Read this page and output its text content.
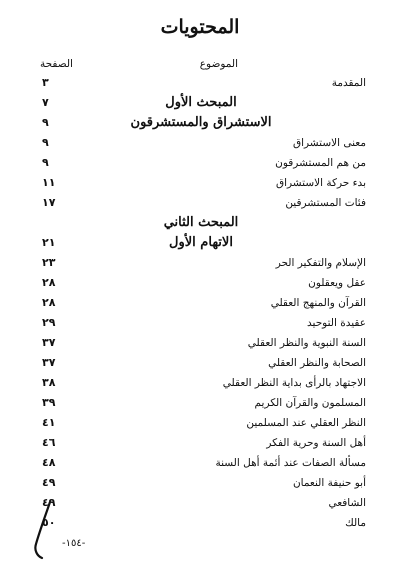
المحتويات
الموضوع
الصفحة
المقدمة
٣
المبحث الأول
٧
الاستشراق والمستشرقون
٩
معنى الاستشراق
٩
من هم المستشرقون
٩
بدء حركة الاستشراق
١١
فئات المستشرقين
١٧
المبحث الثاني
الاتهام الأول
٢١
الإسلام والتفكير الحر
٢٣
عقل ويعقلون
٢٨
القرآن والمنهج العقلي
٢٨
عقيدة التوحيد
٢٩
السنة النبوية والنظر العقلي
٣٧
الصحابة والنظر العقلي
٣٧
الاجتهاد بالرأى بداية النظر العقلي
٣٨
المسلمون والقرآن الكريم
٣٩
النظر العقلي عند المسلمين
٤١
أهل السنة وحرية الفكر
٤٦
مسألة الصفات عند أئمة أهل السنة
٤٨
أبو حنيفة النعمان
٤٩
الشافعي
٤٩
مالك
٥٠
-١٥٤-
